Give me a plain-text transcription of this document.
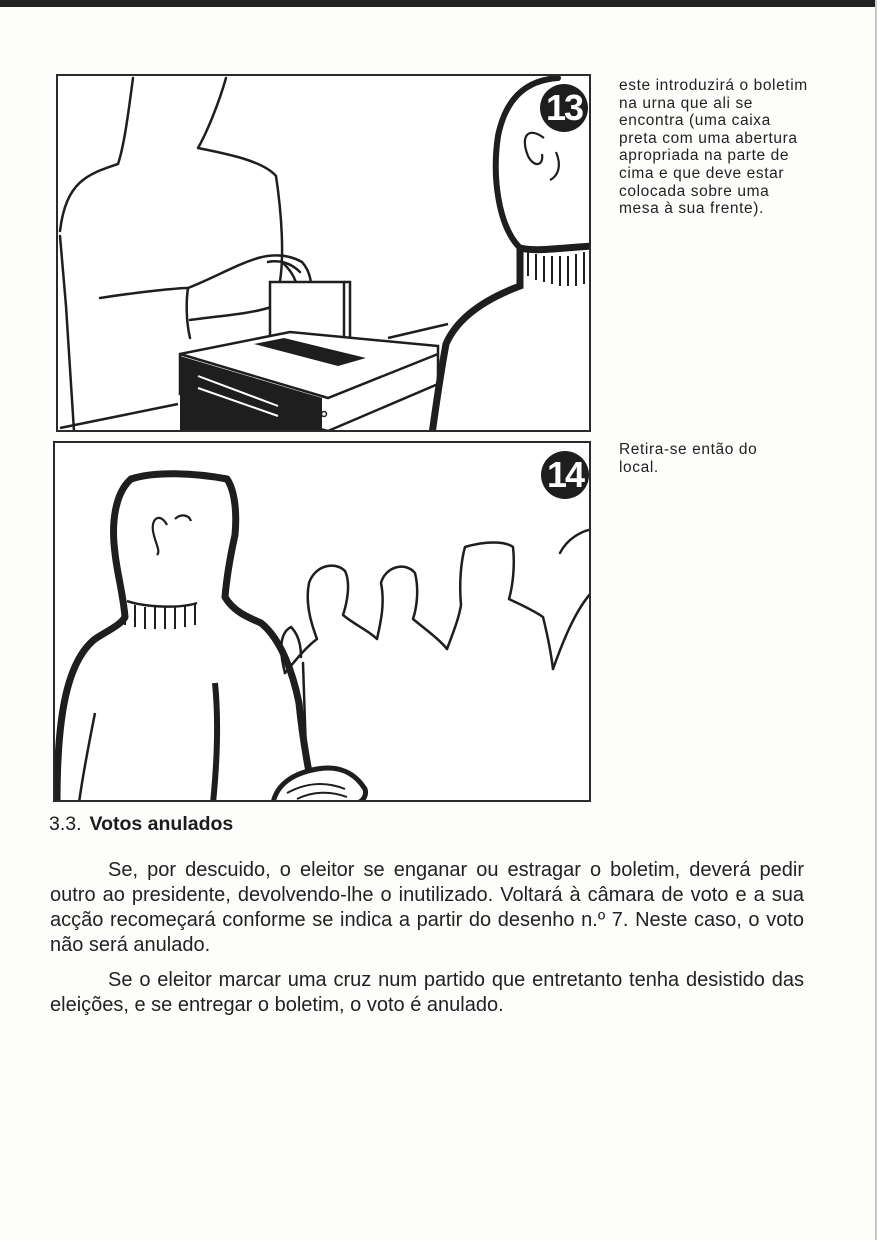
13
este introduzirá o boletim na urna que ali se encontra (uma caixa preta com uma abertura apropriada na parte de cima e que deve estar colocada sobre uma mesa à sua frente).
14
Retira-se então do local.
3.3. Votos anulados

Se, por descuido, o eleitor se enganar ou estragar o boletim, deverá pedir outro ao presidente, devolvendo-lhe o inutilizado. Voltará à câmara de voto e a sua acção recomeçará conforme se indica a partir do desenho n.º 7. Neste caso, o voto não será anulado.

Se o eleitor marcar uma cruz num partido que entretanto tenha desistido das eleições, e se entregar o boletim, o voto é anulado.
